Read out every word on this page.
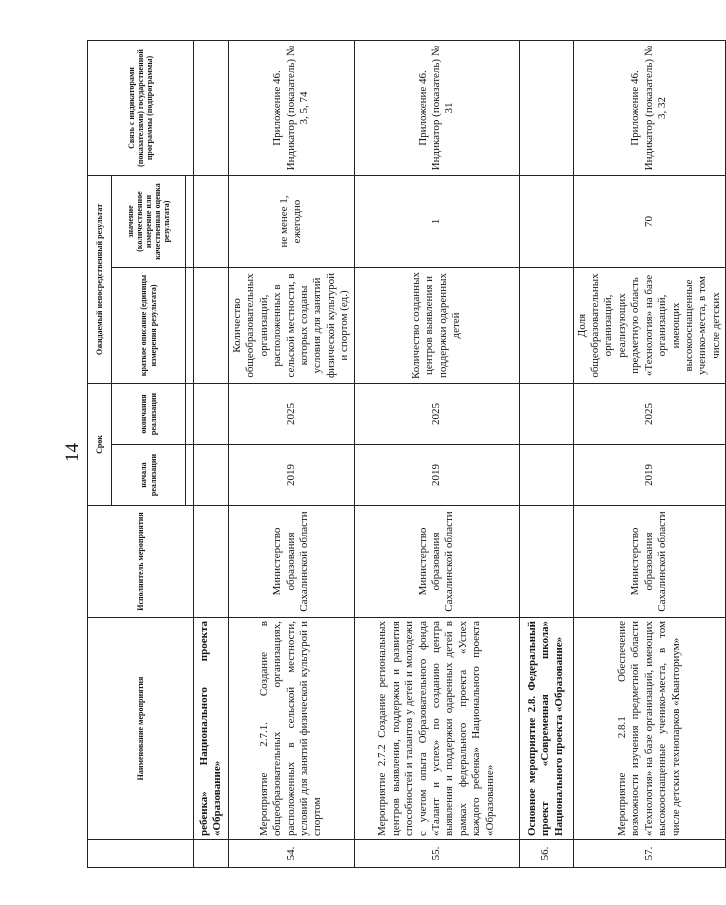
14
	Наименование мероприятия	Исполнитель мероприятия	Срок		Ожидаемый непосредственный результат		Связь с индикаторами (показателями) государственной программы (подпрограммы)
			начала реализации	окончания реализации	краткое описание (единицы измерения результата)	значение (количественное измерение или качественная оценка результата)	

	ребенка» Национального проекта «Образование»						
54.	Мероприятие 2.7.1. Создание в общеобразовательных организациях, расположенных в сельской местности, условий для занятий физической культурой и спортом	Министерство образования Сахалинской области	2019	2025	Количество общеобразовательных организаций, расположенных в сельской местности, в которых созданы условия для занятий физической культурой и спортом (ед.)	не менее 1, ежегодно	Приложение 46. Индикатор (показатель) № 3, 5, 74
55.	Мероприятие 2.7.2 Создание региональных центров выявления, поддержки и развития способностей и талантов у детей и молодежи с учетом опыта Образовательного фонда «Талант и успех» по созданию центра выявления и поддержки одаренных детей в рамках федерального проекта «Успех каждого ребенка» Национального проекта «Образование»	Министерство образования Сахалинской области	2019	2025	Количество созданных центров выявления и поддержки одаренных детей	1	Приложение 46. Индикатор (показатель) № 31
56.	Основное мероприятие 2.8. Федеральный проект «Современная школа» Национального проекта «Образование»						
57.	Мероприятие 2.8.1 Обеспечение возможности изучения предметной области «Технология» на базе организаций, имеющих высокооснащенные ученико-места, в том числе детских технопарков «Кванториум»	Министерство образования Сахалинской области	2019	2025	Доля общеобразовательных организаций, реализующих предметную область «Технология» на базе организаций, имеющих высокооснащенные ученико-места, в том числе детских	70	Приложение 46. Индикатор (показатель) № 3, 32
